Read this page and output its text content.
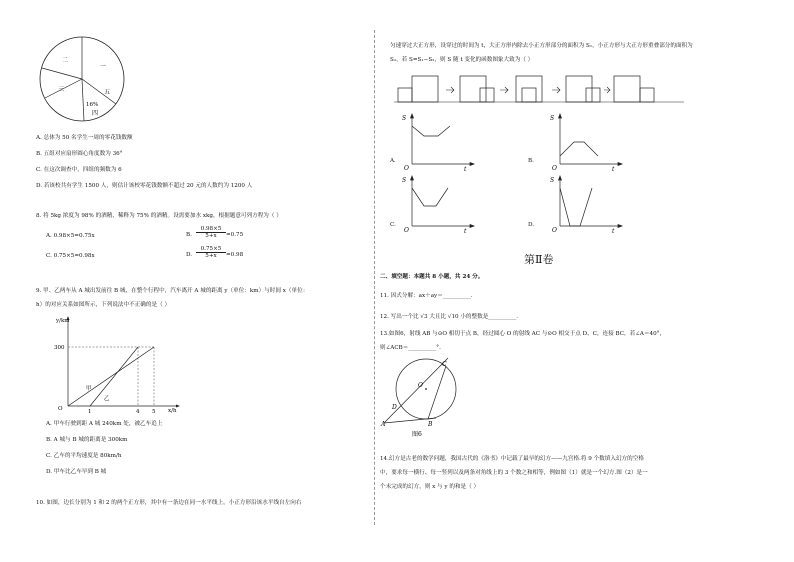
二
一
三	五
16%
四
A. 总体为 50 名学生一周的零花钱数额
B. 五组对应扇形圆心角度数为 36°
C. 在这次调查中，四组的频数为 6
D. 若该校共有学生 1500 人，则估计该校零花钱数额不超过 20 元的人数约为 1200 人
8. 将 5kg 浓度为 98% 的酒精，稀释为 75% 的酒精。设需要加水 xkg，根据题意可列方程为（ ）
A. 0.98×5=0.75x	B. $\frac{0.98\times 5}{5+x} =0.75$
C. 0.75×5=0.98x	D. $\frac{0.75\times 5}{5+x} =0.98$
9. 甲、乙两车从 A 城出发前往 B 城，在整个行程中，汽车离开 A 城的距离 y（单位：km）与时间 x（单位：
h）的对应关系如图所示，下列说法中不正确的是（ ）
y/km
x/h
300
O	1	4 5
甲
乙
A. 甲车行驶到距 A 城 240km 处，被乙车追上
B. A 城与 B 城的距离是 300km
C. 乙车的平均速度是 80km/h
D. 甲车比乙车早到 B 城
10. 如图，边长分别为 1 和 2 的两个正方形，其中有一条边在同一水平线上，小正方形沿该水平线自左向右
匀速穿过大正方形，设穿过的时间为 t，大正方形内除去小正方形部分的面积为 S₁，小正方形与大正方形重叠部分的面积为
S₂，若 S=S₁−S₂，则 S 随 t 变化的函数图象大致为（ ）
S
O	t
A.
S
O	t
B.
S
O	t
C.
S
O	t
D.
第Ⅱ卷
二、填空题：本题共 8 小题，共 24 分。
11. 因式分解：ax＋ay＝__________.
12. 写出一个比 √3 大且比 √10 小的整数是__________.
13.如图6，射线 AB 与⊙O 相切于点 B，经过圆心 O 的射线 AC 与⊙O 相交于点 D、C，连接 BC，若∠A＝40°，
则∠ACB＝__________°.
C
O
D
A	B
图6
14.幻方是古老的数学问题，我国古代的《洛书》中记载了最早的幻方——九宫格.将 9 个数填入幻方的空格
中，要求每一横行、每一竖列以及两条对角线上的 3 个数之和相等，例如图（1）就是一个幻方.图（2）是一
个未完成的幻方，则 x 与 y 的和是（ ）
